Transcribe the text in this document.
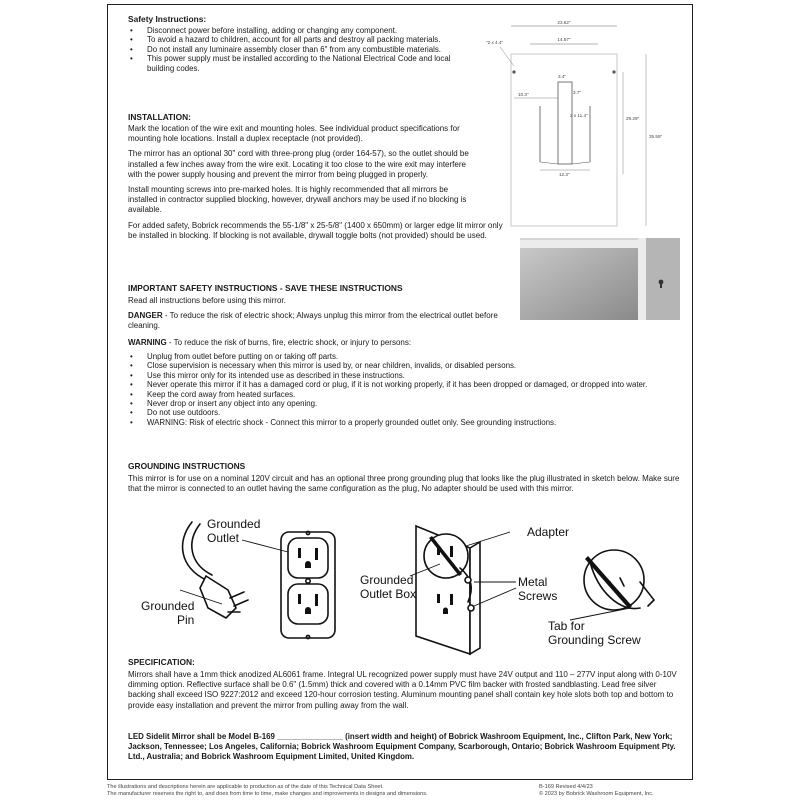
Safety Instructions:
• Disconnect power before installing, adding or changing any component.
• To avoid a hazard to children, account for all parts and destroy all packing materials.
• Do not install any luminaire assembly closer than 6" from any combustible materials.
• This power supply must be installed according to the National Electrical Code and local building codes.
INSTALLATION:
Mark the location of the wire exit and mounting holes. See individual product specifications for mounting hole locations. Install a duplex receptacle (not provided).
The mirror has an optional 30" cord with three-prong plug (order 164-57), so the outlet should be installed a few inches away from the wire exit. Locating it too close to the wire exit may interfere with the power supply housing and prevent the mirror from being plugged in properly.
Install mounting screws into pre-marked holes. It is highly recommended that all mirrors be installed in contractor supplied blocking, however, drywall anchors may be used if no blocking is available.
For added safety, Bobrick recommends the 55-1/8" x 25-5/8" (1400 x 650mm) or larger edge lit mirror only be installed in blocking. If blocking is not available, drywall toggle bolts (not provided) should be used.
23.62"
14.57"
"2 x 4.4"
3.4"
3.7"
10.3"
2 x 11.4"
29.29"
35.59"
12.3"
IMPORTANT SAFETY INSTRUCTIONS - SAVE THESE INSTRUCTIONS
Read all instructions before using this mirror.
DANGER - To reduce the risk of electric shock; Always unplug this mirror from the electrical outlet before cleaning.
WARNING - To reduce the risk of burns, fire, electric shock, or injury to persons:
• Unplug from outlet before putting on or taking off parts.
• Close supervision is necessary when this mirror is used by, or near children, invalids, or disabled persons.
• Use this mirror only for its intended use as described in these instructions.
• Never operate this mirror if it has a damaged cord or plug, if it is not working properly, if it has been dropped or damaged, or dropped into water.
• Keep the cord away from heated surfaces.
• Never drop or insert any object into any opening.
• Do not use outdoors.
• WARNING: Risk of electric shock - Connect this mirror to a properly grounded outlet only. See grounding instructions.
GROUNDING INSTRUCTIONS
This mirror is for use on a nominal 120V circuit and has an optional three prong grounding plug that looks like the plug illustrated in sketch below. Make sure that the mirror is connected to an outlet having the same configuration as the plug, No adapter should be used with this mirror.
Grounded
Outlet
Grounded
Pin
Grounded
Outlet Box
Adapter
Metal
Screws
Tab for
Grounding Screw
SPECIFICATION:
Mirrors shall have a 1mm thick anodized AL6061 frame. Integral UL recognized power supply must have 24V output and 110 – 277V input along with 0-10V dimming option. Reflective surface shall be 0.6" (1.5mm) thick and covered with a 0.14mm PVC film backer with frosted sandblasting. Lead free silver backing shall exceed ISO 9227:2012 and exceed 120-hour corrosion testing. Aluminum mounting panel shall contain key hole slots both top and bottom to provide easy installation and prevent the mirror from pulling away from the wall.
LED Sidelit Mirror shall be Model B-169 _______________ (insert width and height) of Bobrick Washroom Equipment, Inc., Clifton Park, New York; Jackson, Tennessee; Los Angeles, California; Bobrick Washroom Equipment Company, Scarborough, Ontario; Bobrick Washroom Equipment Pty. Ltd., Australia; and Bobrick Washroom Equipment Limited, United Kingdom.
The illustrations and descriptions herein are applicable to production as of the date of this Technical Data Sheet.
The manufacturer reserves the right to, and does from time to time, make changes and improvements in designs and dimensions.
B-169 Revised 4/4/23
© 2023 by Bobrick Washroom Equipment, Inc.
